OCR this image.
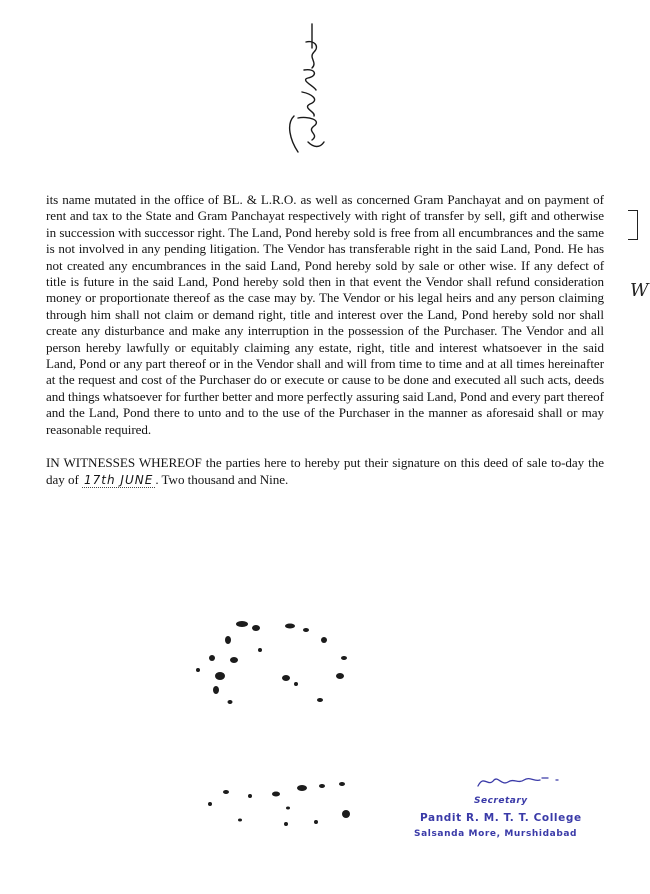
its name mutated in the office of BL. & L.R.O. as well as concerned Gram Panchayat and on payment of rent and tax to the State and Gram Panchayat respectively with right of transfer by sell, gift and otherwise in succession with successor right. The Land, Pond hereby sold is free from all encumbrances and the same is not involved in any pending litigation. The Vendor has transferable right in the said Land, Pond. He has not created any encumbrances in the said Land, Pond hereby sold by sale or other wise. If any defect of title is future in the said Land, Pond hereby sold then in that event the Vendor shall refund consideration money or proportionate thereof as the case may by. The Vendor or his legal heirs and any person claiming through him shall not claim or demand right, title and interest over the Land, Pond hereby sold nor shall create any disturbance and make any interruption in the possession of the Purchaser. The Vendor and all person hereby lawfully or equitably claiming any estate, right, title and interest whatsoever in the said Land, Pond or any part thereof or in the Vendor shall and will from time to time and at all times hereinafter at the request and cost of the Purchaser do or execute or cause to be done and executed all such acts, deeds and things whatsoever for further better and more perfectly assuring said Land, Pond and every part thereof and the Land, Pond there to unto and to the use of the Purchaser in the manner as aforesaid shall or may reasonable required.

IN WITNESSES WHEREOF the parties here to hereby put their signature on this deed of sale to-day the day of 17th JUNE . Two thousand and Nine.

W
Secretary
Pandit R. M. T. T. College
Salsanda More, Murshidabad
